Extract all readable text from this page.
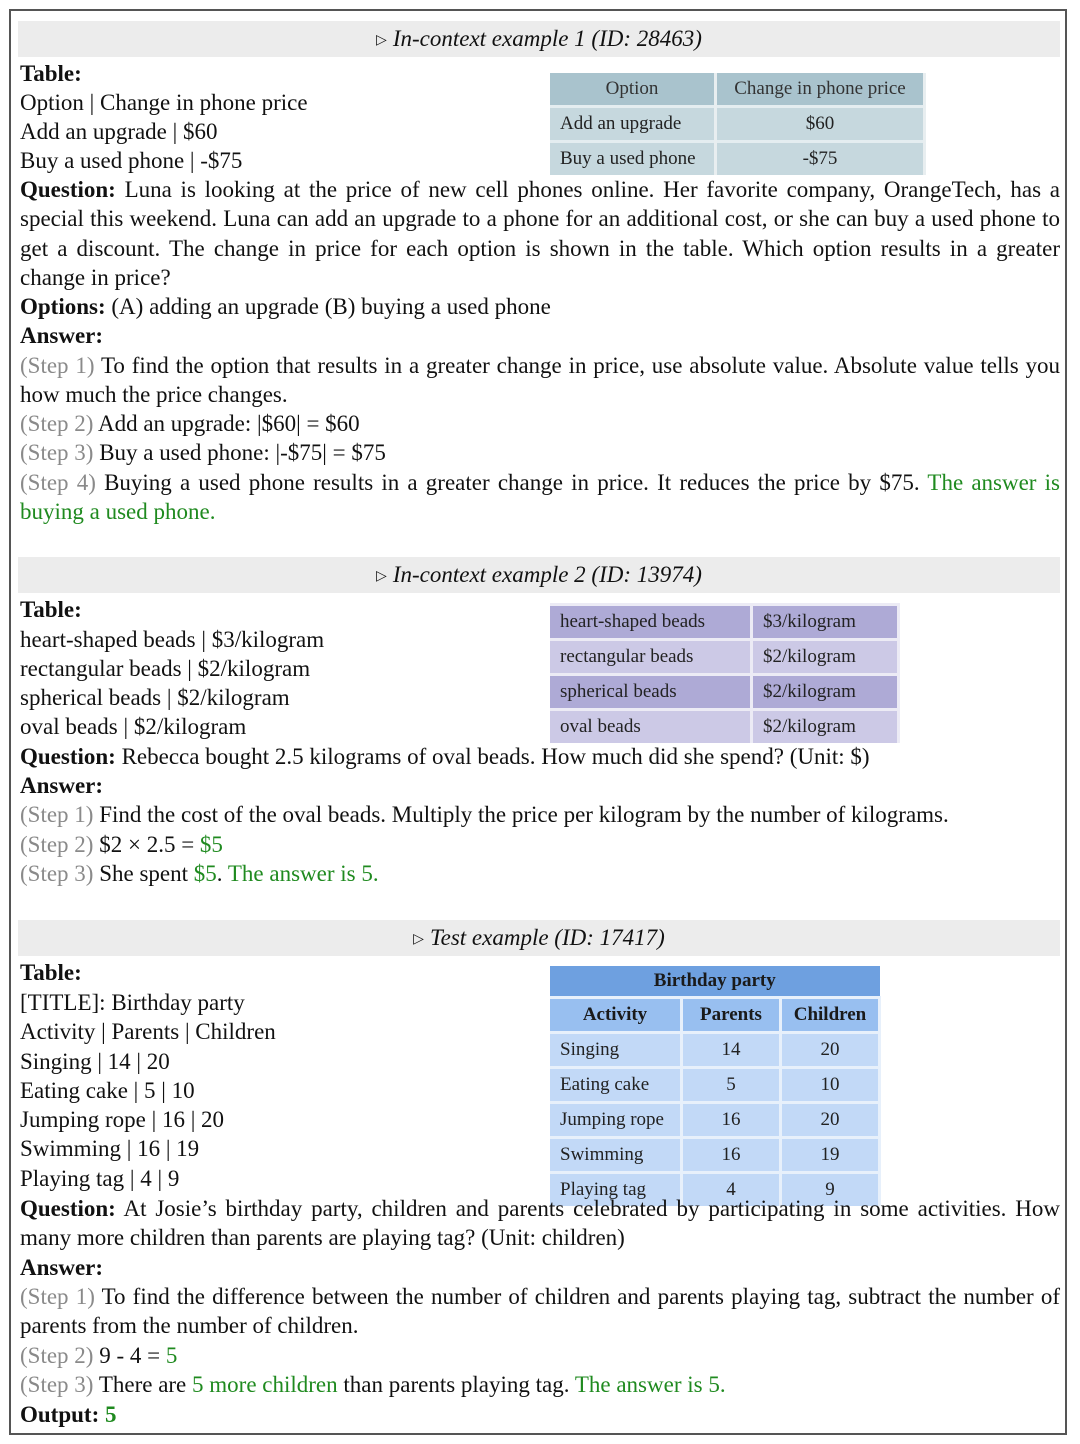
▷ In-context example 1 (ID: 28463)
Table:
Option | Change in phone price
Add an upgrade | $60
Buy a used phone | -$75
Option	Change in phone price
Add an upgrade	$60
Buy a used phone	-$75
Question: Luna is looking at the price of new cell phones online. Her favorite company, OrangeTech, has a special this weekend. Luna can add an upgrade to a phone for an additional cost, or she can buy a used phone to get a discount. The change in price for each option is shown in the table. Which option results in a greater change in price?
Options: (A) adding an upgrade (B) buying a used phone
Answer:
(Step 1) To find the option that results in a greater change in price, use absolute value. Absolute value tells you how much the price changes.
(Step 2) Add an upgrade: |$60| = $60
(Step 3) Buy a used phone: |-$75| = $75
(Step 4) Buying a used phone results in a greater change in price. It reduces the price by $75. The answer is buying a used phone.
▷ In-context example 2 (ID: 13974)
Table:
heart-shaped beads | $3/kilogram
rectangular beads | $2/kilogram
spherical beads | $2/kilogram
oval beads | $2/kilogram
heart-shaped beads	$3/kilogram
rectangular beads	$2/kilogram
spherical beads	$2/kilogram
oval beads	$2/kilogram
Question: Rebecca bought 2.5 kilograms of oval beads. How much did she spend? (Unit: $)
Answer:
(Step 1) Find the cost of the oval beads. Multiply the price per kilogram by the number of kilograms.
(Step 2) $2 × 2.5 = $5
(Step 3) She spent $5. The answer is 5.
▷ Test example (ID: 17417)
Table:
[TITLE]: Birthday party
Activity | Parents | Children
Singing | 14 | 20
Eating cake | 5 | 10
Jumping rope | 16 | 20
Swimming | 16 | 19
Playing tag | 4 | 9
Birthday party		
Activity	Parents	Children
Singing	14	20
Eating cake	5	10
Jumping rope	16	20
Swimming	16	19
Playing tag	4	9
Question: At Josie’s birthday party, children and parents celebrated by participating in some activities. How many more children than parents are playing tag? (Unit: children)
Answer:
(Step 1) To find the difference between the number of children and parents playing tag, subtract the number of parents from the number of children.
(Step 2) 9 - 4 = 5
(Step 3) There are 5 more children than parents playing tag. The answer is 5.
Output: 5
